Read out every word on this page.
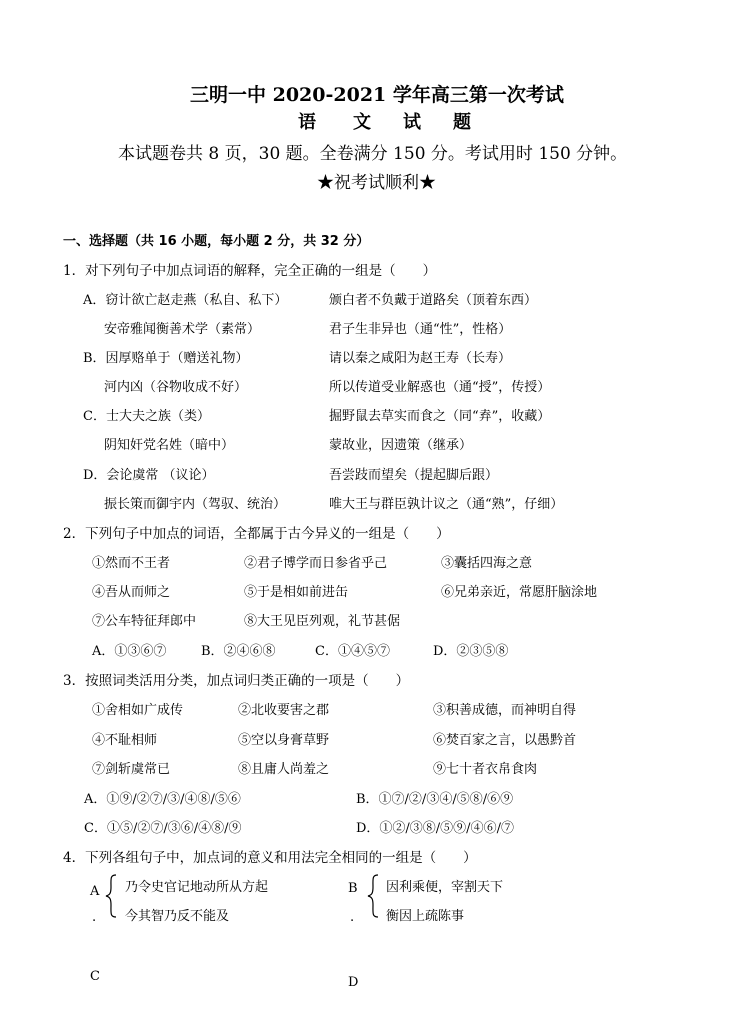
三明一中 2020-2021 学年高三第一次考试
语 文 试 题
本试题卷共 8 页，30 题。全卷满分 150 分。考试用时 150 分钟。
★祝考试顺利★
一、选择题（共 16 小题，每小题 2 分，共 32 分）
1．对下列句子中加点词语的解释，完全正确的一组是（　　）
A．窃计欲亡赵走燕（私自、私下）	颁白者不负戴于道路矣（顶着东西）
安帝雅闻衡善术学（素常）	君子生非异也（通“性”，性格）
B．因厚赂单于（赠送礼物）	请以秦之咸阳为赵王寿（长寿）
河内凶（谷物收成不好）	所以传道受业解惑也（通“授”，传授）
C．士大夫之族（类）	掘野鼠去草实而食之（同“弆”，收藏）
阴知奸党名姓（暗中）	蒙故业，因遗策（继承）
D．会论虞常 （议论）	吾尝跂而望矣（提起脚后跟）
振长策而御宇内（驾驭、统治）	唯大王与群臣孰计议之（通“熟”，仔细）
2．下列句子中加点的词语，全都属于古今异义的一组是（　　）
①然而不王者	②君子博学而日参省乎己	③囊括四海之意
④吾从而师之	⑤于是相如前进缶	⑥兄弟亲近，常愿肝脑涂地
⑦公车特征拜郎中	⑧大王见臣列观，礼节甚倨
A．①③⑥⑦	B．②④⑥⑧	C．①④⑤⑦	D．②③⑤⑧
3．按照词类活用分类，加点词归类正确的一项是（　　）
①舍相如广成传	②北收要害之郡	③积善成德，而神明自得
④不耻相师	⑤空以身膏草野	⑥焚百家之言，以愚黔首
⑦剑斩虞常已	⑧且庸人尚羞之	⑨七十者衣帛食肉
A．①⑨/②⑦/③/④⑧/⑤⑥	B．①⑦/②/③④/⑤⑧/⑥⑨
C．①⑤/②⑦/③⑥/④⑧/⑨	D．①②/③⑧/⑤⑨/④⑥/⑦
4．下列各组句子中，加点词的意义和用法完全相同的一组是（　　）
A
.
乃令史官记地动所从方起
今其智乃反不能及
B
.
因利乘便，宰割天下
衡因上疏陈事
C	D
